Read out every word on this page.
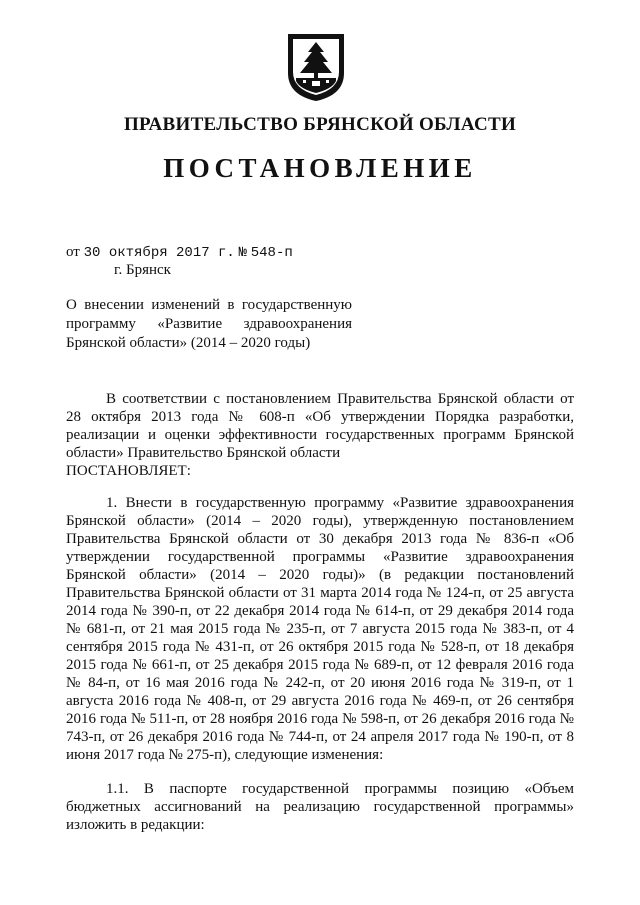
ПРАВИТЕЛЬСТВО БРЯНСКОЙ ОБЛАСТИ
ПОСТАНОВЛЕНИЕ
от 30 октября 2017 г. № 548-п
г. Брянск
О внесении изменений в государственную
программу «Развитие здравоохранения
Брянской области» (2014 – 2020 годы)

В соответствии с постановлением Правительства Брянской области от 28 октября 2013 года № 608-п «Об утверждении Порядка разработки, реализации и оценки эффективности государственных программ Брянской области» Правительство Брянской области

ПОСТАНОВЛЯЕТ:

1. Внести в государственную программу «Развитие здравоохранения Брянской области» (2014 – 2020 годы), утвержденную постановлением Правительства Брянской области от 30 декабря 2013 года № 836-п «Об утверждении государственной программы «Развитие здравоохранения Брянской области» (2014 – 2020 годы)» (в редакции постановлений Правительства Брянской области от 31 марта 2014 года № 124-п, от 25 августа 2014 года № 390-п, от 22 декабря 2014 года № 614-п, от 29 декабря 2014 года № 681-п, от 21 мая 2015 года № 235-п, от 7 августа 2015 года № 383-п, от 4 сентября 2015 года № 431-п, от 26 октября 2015 года № 528-п, от 18 декабря 2015 года № 661-п, от 25 декабря 2015 года № 689-п, от 12 февраля 2016 года № 84-п, от 16 мая 2016 года № 242-п, от 20 июня 2016 года № 319-п, от 1 августа 2016 года № 408-п, от 29 августа 2016 года № 469-п, от 26 сентября 2016 года № 511-п, от 28 ноября 2016 года № 598-п, от 26 декабря 2016 года № 743-п, от 26 декабря 2016 года № 744-п, от 24 апреля 2017 года № 190-п, от 8 июня 2017 года № 275-п), следующие изменения:

1.1. В паспорте государственной программы позицию «Объем бюджетных ассигнований на реализацию государственной программы» изложить в редакции:
